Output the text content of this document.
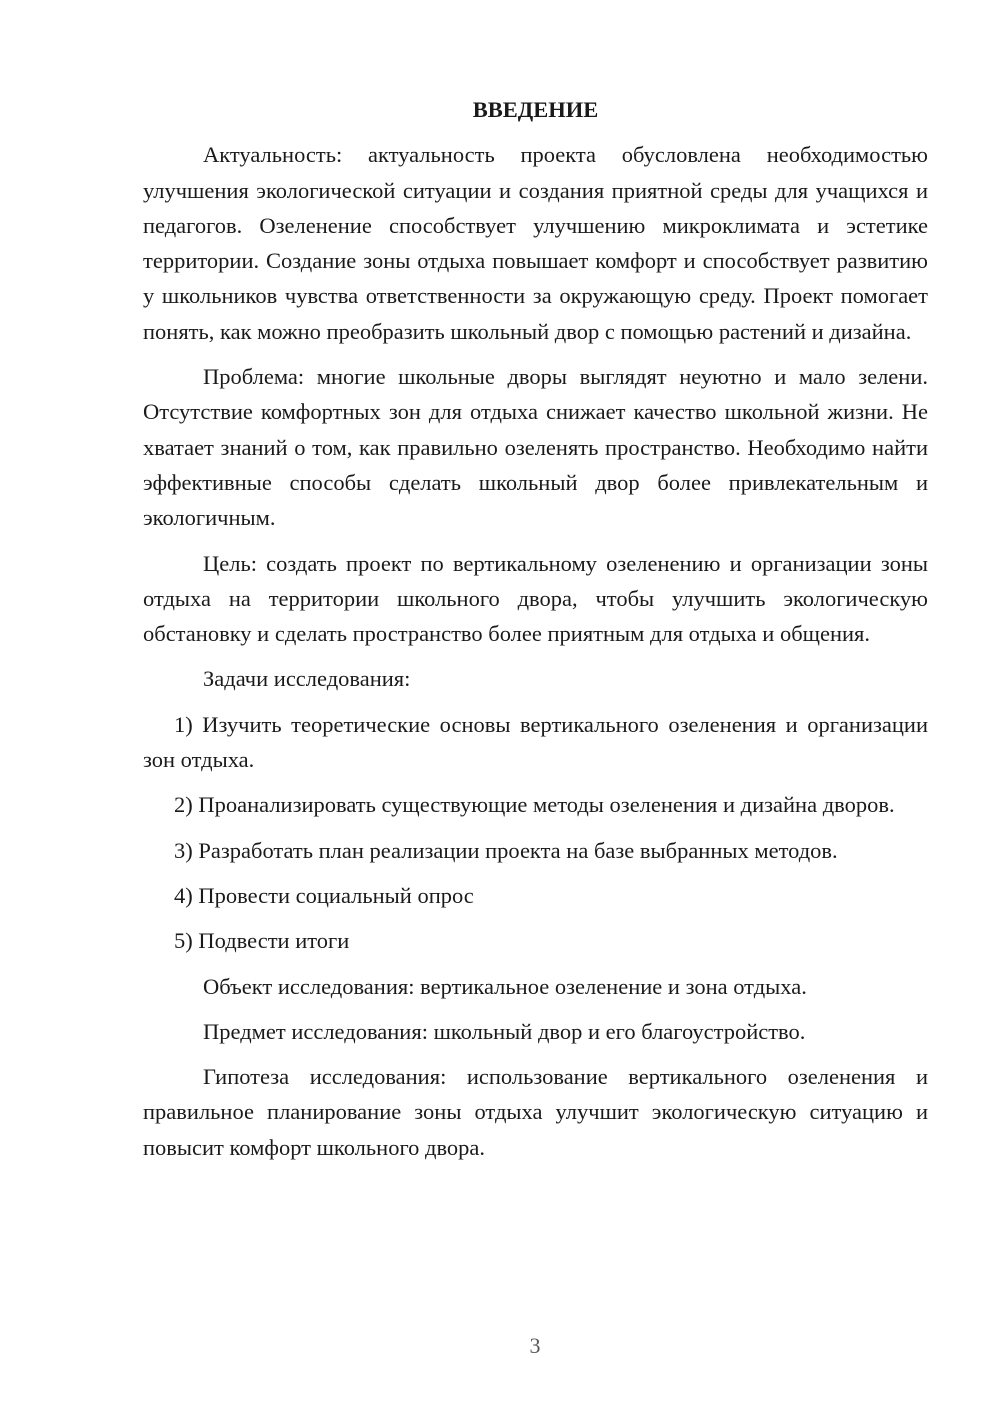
ВВЕДЕНИЕ

Актуальность: актуальность проекта обусловлена необходимостью улучшения экологической ситуации и создания приятной среды для учащихся и педагогов. Озеленение способствует улучшению микроклимата и эстетике территории. Создание зоны отдыха повышает комфорт и способствует развитию у школьников чувства ответственности за окружающую среду. Проект помогает понять, как можно преобразить школьный двор с помощью растений и дизайна.

Проблема: многие школьные дворы выглядят неуютно и мало зелени. Отсутствие комфортных зон для отдыха снижает качество школьной жизни. Не хватает знаний о том, как правильно озеленять пространство. Необходимо найти эффективные способы сделать школьный двор более привлекательным и экологичным.

Цель: создать проект по вертикальному озеленению и организации зоны отдыха на территории школьного двора, чтобы улучшить экологическую обстановку и сделать пространство более приятным для отдыха и общения.

Задачи исследования:

1) Изучить теоретические основы вертикального озеленения и организации зон отдыха.

2) Проанализировать существующие методы озеленения и дизайна дворов.

3) Разработать план реализации проекта на базе выбранных методов.

4) Провести социальный опрос

5) Подвести итоги

Объект исследования: вертикальное озеленение и зона отдыха.

Предмет исследования: школьный двор и его благоустройство.

Гипотеза исследования: использование вертикального озеленения и правильное планирование зоны отдыха улучшит экологическую ситуацию и повысит комфорт школьного двора.

3
